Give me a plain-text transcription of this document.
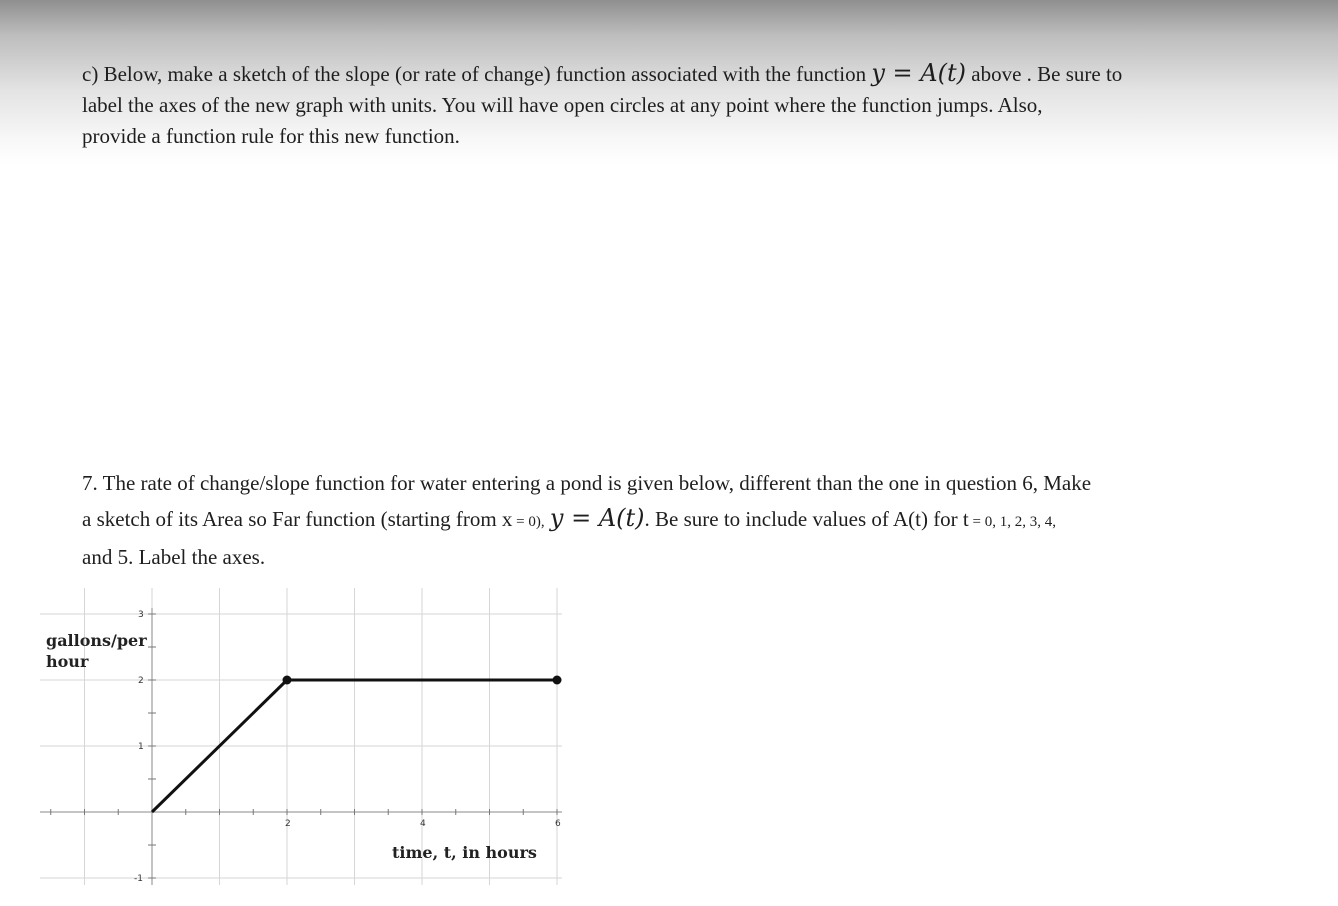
c) Below, make a sketch of the slope (or rate of change) function associated with the function y = A(t) above . Be sure to
label the axes of the new graph with units. You will have open circles at any point where the function jumps. Also,
provide a function rule for this new function.
7. The rate of change/slope function for water entering a pond is given below, different than the one in question 6, Make
a sketch of its Area so Far function (starting from x = 0), y = A(t). Be sure to include values of A(t) for t = 0, 1, 2, 3, 4,
and 5. Label the axes.
2	4	6
3
2
1
-1
gallons/per
hour
time, t, in hours
